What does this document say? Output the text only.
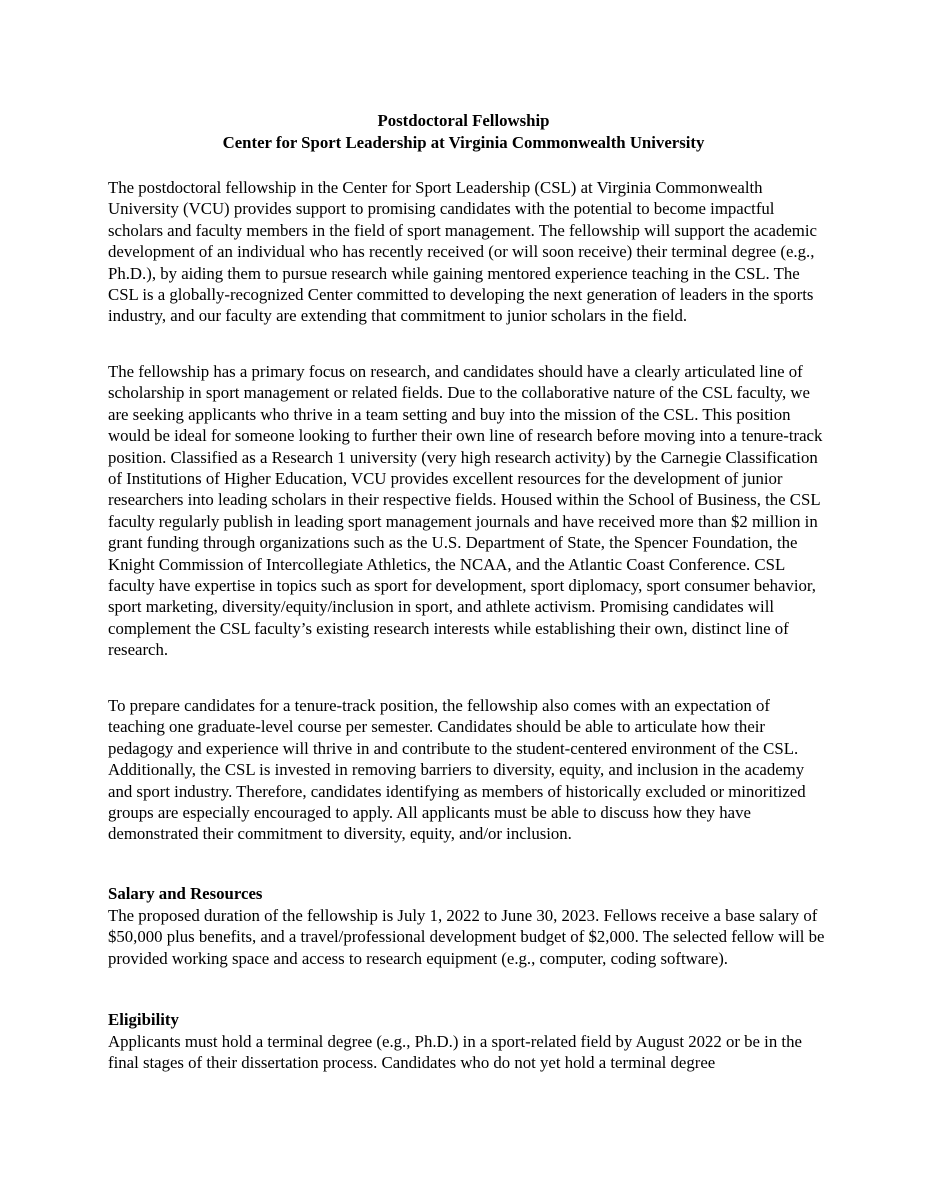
Postdoctoral Fellowship
Center for Sport Leadership at Virginia Commonwealth University

The postdoctoral fellowship in the Center for Sport Leadership (CSL) at Virginia Commonwealth University (VCU) provides support to promising candidates with the potential to become impactful scholars and faculty members in the field of sport management. The fellowship will support the academic development of an individual who has recently received (or will soon receive) their terminal degree (e.g., Ph.D.), by aiding them to pursue research while gaining mentored experience teaching in the CSL. The CSL is a globally-recognized Center committed to developing the next generation of leaders in the sports industry, and our faculty are extending that commitment to junior scholars in the field.

The fellowship has a primary focus on research, and candidates should have a clearly articulated line of scholarship in sport management or related fields. Due to the collaborative nature of the CSL faculty, we are seeking applicants who thrive in a team setting and buy into the mission of the CSL. This position would be ideal for someone looking to further their own line of research before moving into a tenure-track position. Classified as a Research 1 university (very high research activity) by the Carnegie Classification of Institutions of Higher Education, VCU provides excellent resources for the development of junior researchers into leading scholars in their respective fields. Housed within the School of Business, the CSL faculty regularly publish in leading sport management journals and have received more than $2 million in grant funding through organizations such as the U.S. Department of State, the Spencer Foundation, the Knight Commission of Intercollegiate Athletics, the NCAA, and the Atlantic Coast Conference. CSL faculty have expertise in topics such as sport for development, sport diplomacy, sport consumer behavior, sport marketing, diversity/equity/inclusion in sport, and athlete activism. Promising candidates will complement the CSL faculty’s existing research interests while establishing their own, distinct line of research.

To prepare candidates for a tenure-track position, the fellowship also comes with an expectation of teaching one graduate-level course per semester. Candidates should be able to articulate how their pedagogy and experience will thrive in and contribute to the student-centered environment of the CSL. Additionally, the CSL is invested in removing barriers to diversity, equity, and inclusion in the academy and sport industry. Therefore, candidates identifying as members of historically excluded or minoritized groups are especially encouraged to apply. All applicants must be able to discuss how they have demonstrated their commitment to diversity, equity, and/or inclusion.

Salary and Resources

The proposed duration of the fellowship is July 1, 2022 to June 30, 2023. Fellows receive a base salary of $50,000 plus benefits, and a travel/professional development budget of $2,000. The selected fellow will be provided working space and access to research equipment (e.g., computer, coding software).

Eligibility

Applicants must hold a terminal degree (e.g., Ph.D.) in a sport-related field by August 2022 or be in the final stages of their dissertation process. Candidates who do not yet hold a terminal degree
